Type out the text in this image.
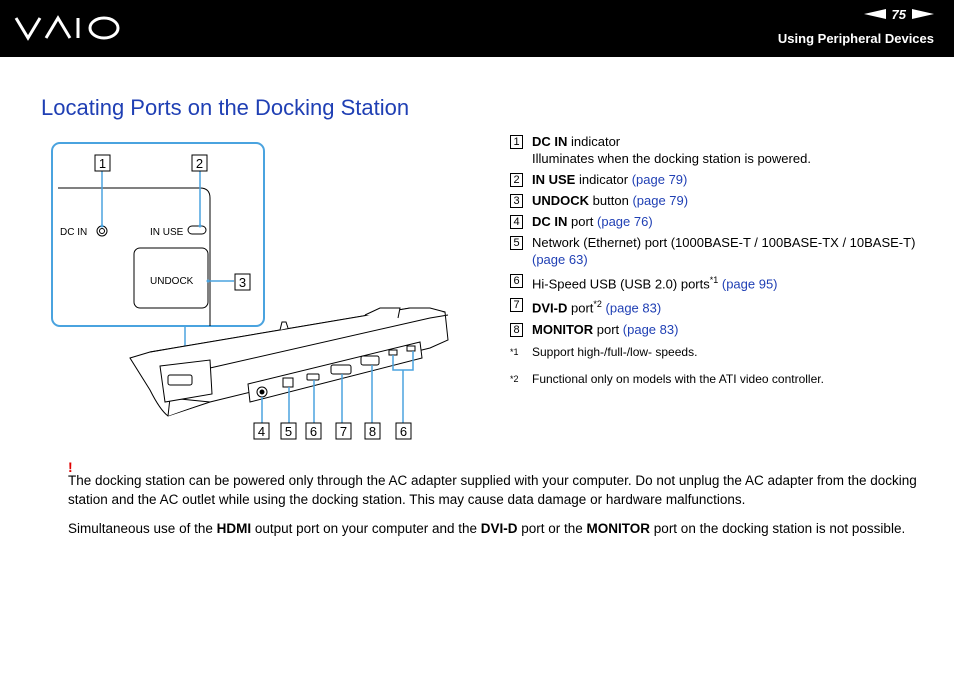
75
Using Peripheral Devices
Locating Ports on the Docking Station
DC IN	IN USE
UNDOCK
1	2
3
4 5 6 7 8 6
1 DC IN indicator
Illuminates when the docking station is powered.
2 IN USE indicator (page 79)
3 UNDOCK button (page 79)
4 DC IN port (page 76)
5 Network (Ethernet) port (1000BASE-T / 100BASE-TX / 10BASE-T) (page 63)
6 Hi-Speed USB (USB 2.0) ports$^{*1}$ (page 95)
7 DVI-D port$^{*2}$ (page 83)
8 MONITOR port (page 83)
*1	Support high-/full-/low- speeds.
*2	Functional only on models with the ATI video controller.
!

The docking station can be powered only through the AC adapter supplied with your computer. Do not unplug the AC adapter from the docking station and the AC outlet while using the docking station. This may cause data damage or hardware malfunctions.

Simultaneous use of the HDMI output port on your computer and the DVI-D port or the MONITOR port on the docking station is not possible.
